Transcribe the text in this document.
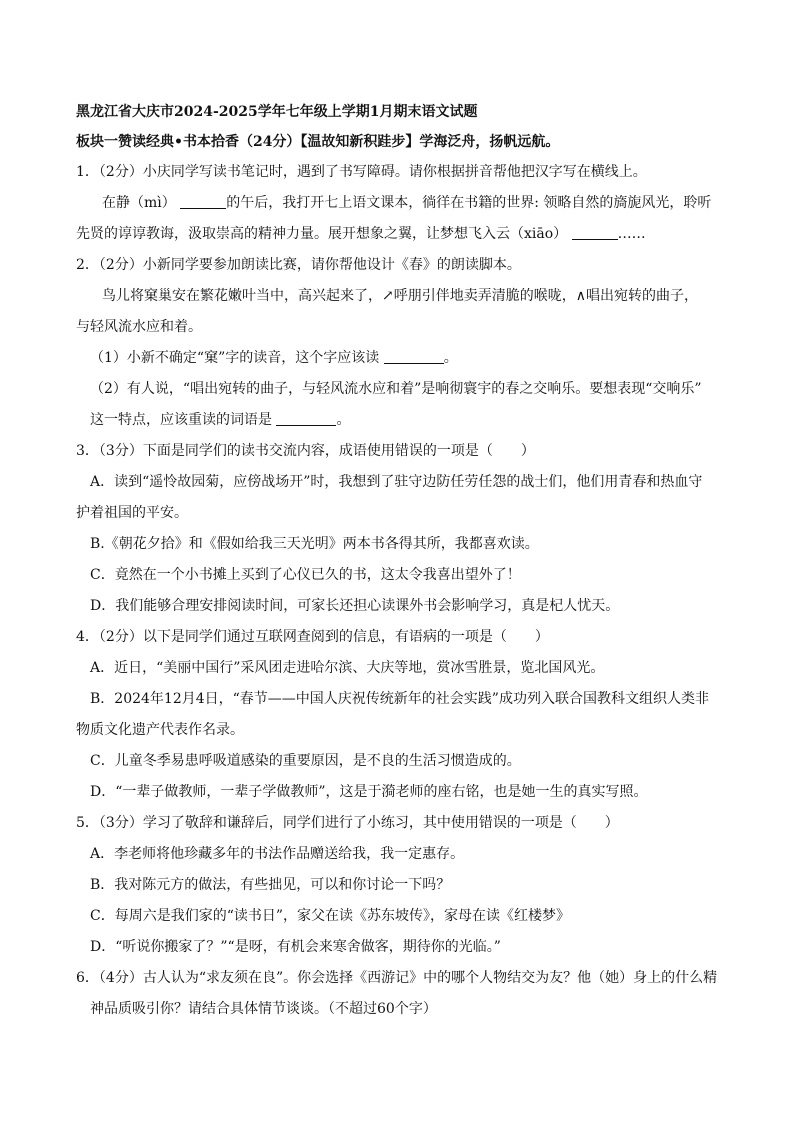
黑龙江省大庆市2024-2025学年七年级上学期1月期末语文试题
板块一赞读经典•书本拾香（24分）【温故知新积跬步】学海泛舟，扬帆远航。
1．（2分）小庆同学写读书笔记时，遇到了书写障碍。请你根据拼音帮他把汉字写在横线上。
在静（mì）	的午后，我打开七上语文课本，徜徉在书籍的世界: 领略自然的旖旎风光，聆听
先贤的谆谆教诲，汲取崇高的精神力量。展开想象之翼，让梦想飞入云（xiāo）	……
2．（2分）小新同学要参加朗读比赛，请你帮他设计《春》的朗读脚本。
鸟儿将窠巢安在繁花嫩叶当中，高兴起来了，↗呼朋引伴地卖弄清脆的喉咙，∧唱出宛转的曲子，
与轻风流水应和着。
（1）小新不确定“窠”字的读音，这个字应该读	。
（2）有人说，“唱出宛转的曲子，与轻风流水应和着”是响彻寰宇的春之交响乐。要想表现“交响乐”
这一特点，应该重读的词语是	。
3．（3分）下面是同学们的读书交流内容，成语使用错误的一项是（　　）
A．读到“遥怜故园菊，应傍战场开”时，我想到了驻守边防任劳任怨的战士们，他们用青春和热血守
护着祖国的平安。
B.《朝花夕拾》和《假如给我三天光明》两本书各得其所，我都喜欢读。
C．竟然在一个小书摊上买到了心仪已久的书，这太令我喜出望外了！
D．我们能够合理安排阅读时间，可家长还担心读课外书会影响学习，真是杞人忧天。
4．（2分）以下是同学们通过互联网查阅到的信息，有语病的一项是（　　）
A．近日，“美丽中国行”采风团走进哈尔滨、大庆等地，赏冰雪胜景，览北国风光。
B．2024年12月4日，“春节——中国人庆祝传统新年的社会实践”成功列入联合国教科文组织人类非
物质文化遗产代表作名录。
C．儿童冬季易患呼吸道感染的重要原因，是不良的生活习惯造成的。
D．“一辈子做教师，一辈子学做教师”，这是于漪老师的座右铭，也是她一生的真实写照。
5．（3分）学习了敬辞和谦辞后，同学们进行了小练习，其中使用错误的一项是（　　）
A．李老师将他珍藏多年的书法作品赠送给我，我一定惠存。
B．我对陈元方的做法，有些拙见，可以和你讨论一下吗？
C．每周六是我们家的“读书日”，家父在读《苏东坡传》，家母在读《红楼梦》
D．“听说你搬家了？”“是呀，有机会来寒舍做客，期待你的光临。”
6．（4分）古人认为“求友须在良”。你会选择《西游记》中的哪个人物结交为友？他（她）身上的什么精
神品质吸引你？请结合具体情节谈谈。（不超过60个字）
